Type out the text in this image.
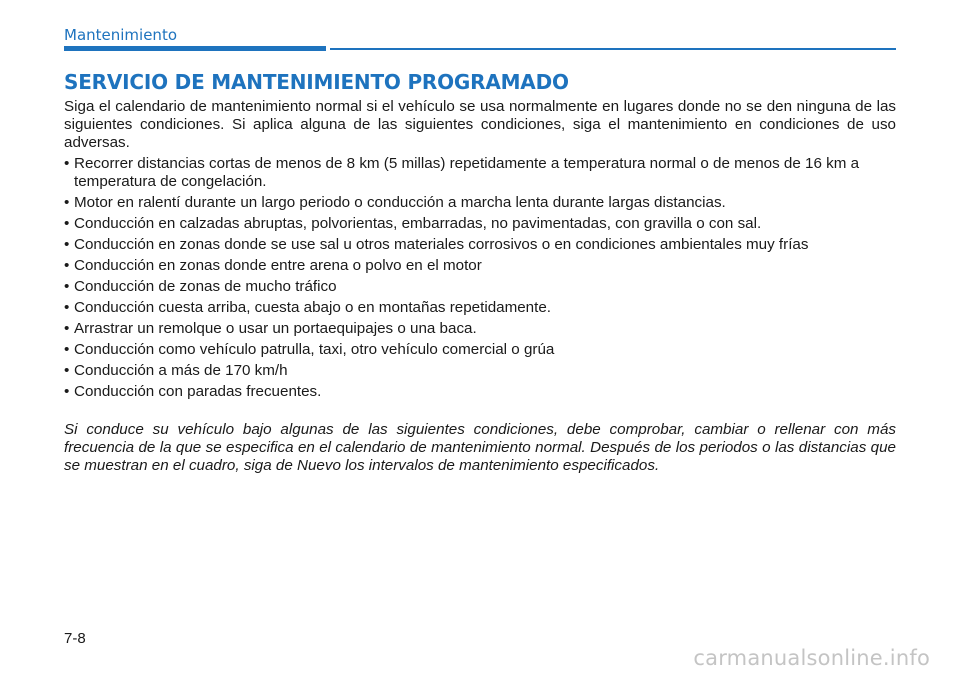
Mantenimiento
SERVICIO DE MANTENIMIENTO PROGRAMADO

Siga el calendario de mantenimiento normal si el vehículo se usa normalmente en lugares donde no se den ninguna de las siguientes condiciones. Si aplica alguna de las siguientes condiciones, siga el mantenimiento en condiciones de uso adversas.

• Recorrer distancias cortas de menos de 8 km (5 millas) repetidamente a temperatura normal o de menos de 16 km a temperatura de congelación.
• Motor en ralentí durante un largo periodo o conducción a marcha lenta durante largas distancias.
• Conducción en calzadas abruptas, polvorientas, embarradas, no pavimentadas, con gravilla o con sal.
• Conducción en zonas donde se use sal u otros materiales corrosivos o en condiciones ambientales muy frías
• Conducción en zonas donde entre arena o polvo en el motor
• Conducción de zonas de mucho tráfico
• Conducción cuesta arriba, cuesta abajo o en montañas repetidamente.
• Arrastrar un remolque o usar un portaequipajes o una baca.
• Conducción como vehículo patrulla, taxi, otro vehículo comercial o grúa
• Conducción a más de 170 km/h
• Conducción con paradas frecuentes.

Si conduce su vehículo bajo algunas de las siguientes condiciones, debe comprobar, cambiar o rellenar con más frecuencia de la que se especifica en el calendario de mantenimiento normal. Después de los periodos o las distancias que se muestran en el cuadro, siga de Nuevo los intervalos de mantenimiento especificados.

7-8
carmanualsonline.info
